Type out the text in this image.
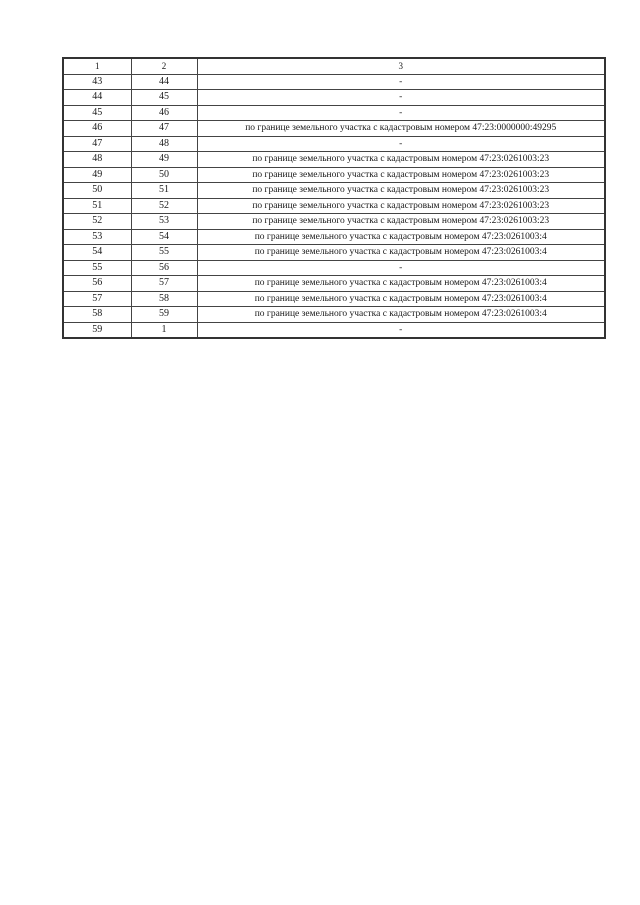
1	2	3
43	44	-
44	45	-
45	46	-
46	47	по границе земельного участка с кадастровым номером 47:23:0000000:49295
47	48	-
48	49	по границе земельного участка с кадастровым номером 47:23:0261003:23
49	50	по границе земельного участка с кадастровым номером 47:23:0261003:23
50	51	по границе земельного участка с кадастровым номером 47:23:0261003:23
51	52	по границе земельного участка с кадастровым номером 47:23:0261003:23
52	53	по границе земельного участка с кадастровым номером 47:23:0261003:23
53	54	по границе земельного участка с кадастровым номером 47:23:0261003:4
54	55	по границе земельного участка с кадастровым номером 47:23:0261003:4
55	56	-
56	57	по границе земельного участка с кадастровым номером 47:23:0261003:4
57	58	по границе земельного участка с кадастровым номером 47:23:0261003:4
58	59	по границе земельного участка с кадастровым номером 47:23:0261003:4
59	1	-
